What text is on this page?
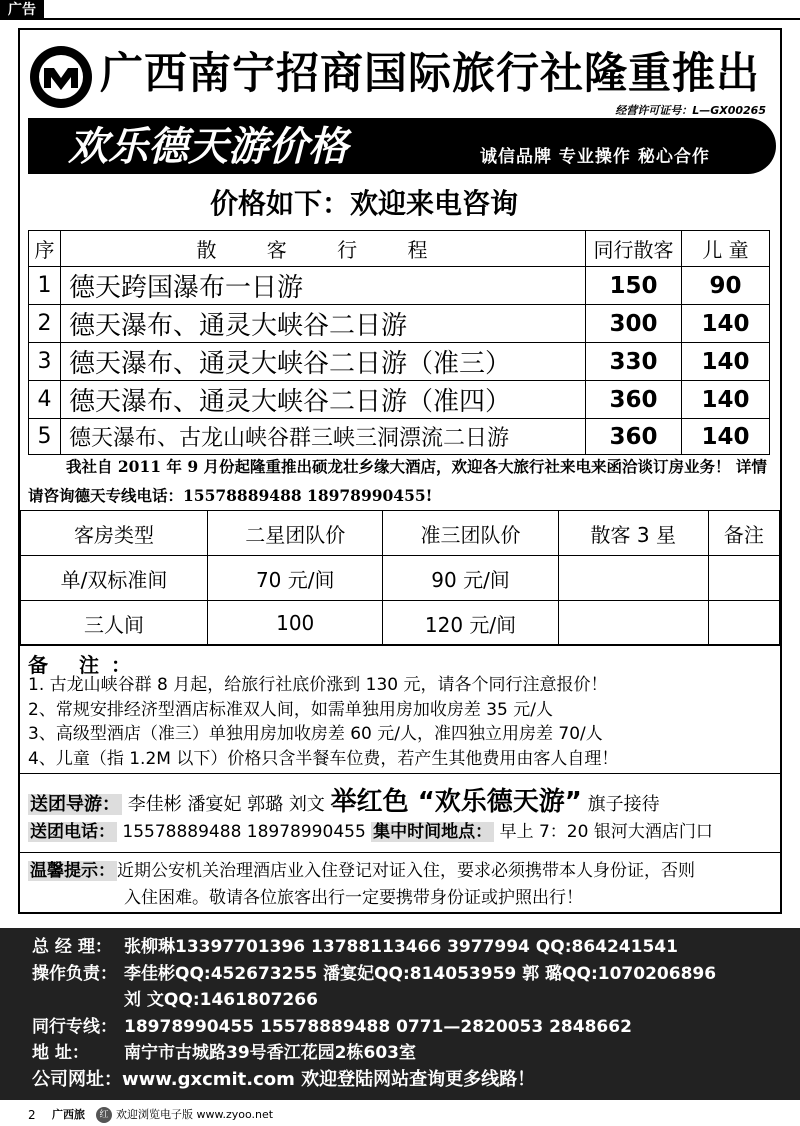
广告
广西南宁招商国际旅行社隆重推出
经营许可证号：L—GX00265
欢乐德天游价格	诚信品牌 专业操作 秘心合作
价格如下：欢迎来电咨询
序	散 客 行 程	同行散客	儿 童
1	德天跨国瀑布一日游	150	90
2	德天瀑布、通灵大峡谷二日游	300	140
3	德天瀑布、通灵大峡谷二日游（准三）	330	140
4	德天瀑布、通灵大峡谷二日游（准四）	360	140
5	德天瀑布、古龙山峡谷群三峡三洞漂流二日游	360	140
我社自 2011 年 9 月份起隆重推出硕龙壮乡缘大酒店，欢迎各大旅行社来电来函洽谈订房业务！ 详情请咨询德天专线电话：15578889488 18978990455!
客房类型	二星团队价	准三团队价	散客 3 星	备注
单/双标准间	70 元/间	90 元/间		
三人间	100	120 元/间		
备 注：
1. 古龙山峡谷群 8 月起，给旅行社底价涨到 130 元，请各个同行注意报价！
2、常规安排经济型酒店标准双人间，如需单独用房加收房差 35 元/人
3、高级型酒店（准三）单独用房加收房差 60 元/人，准四独立用房差 70/人
4、儿童（指 1.2M 以下）价格只含半餐车位费，若产生其他费用由客人自理！
送团导游： 李佳彬 潘宴妃 郭璐 刘文 举红色 “欢乐德天游” 旗子接待
送团电话： 15578889488 18978990455 集中时间地点： 早上 7：20 银河大酒店门口
温馨提示： 近期公安机关治理酒店业入住登记对证入住，要求必须携带本人身份证，否则
入住困难。敬请各位旅客出行一定要携带身份证或护照出行！
总 经 理： 张柳琳13397701396 13788113466 3977994 QQ:864241541
操作负责： 李佳彬QQ:452673255 潘宴妃QQ:814053959 郭 璐QQ:1070206896
刘 文QQ:1461807266
同行专线： 18978990455 15578889488 0771—2820053 2848662
地 址： 南宁市古城路39号香江花园2栋603室
公司网址：www.gxcmit.com 欢迎登陆网站查询更多线路！
2 广西旅	红 欢迎浏览电子版 www.zyoo.net
